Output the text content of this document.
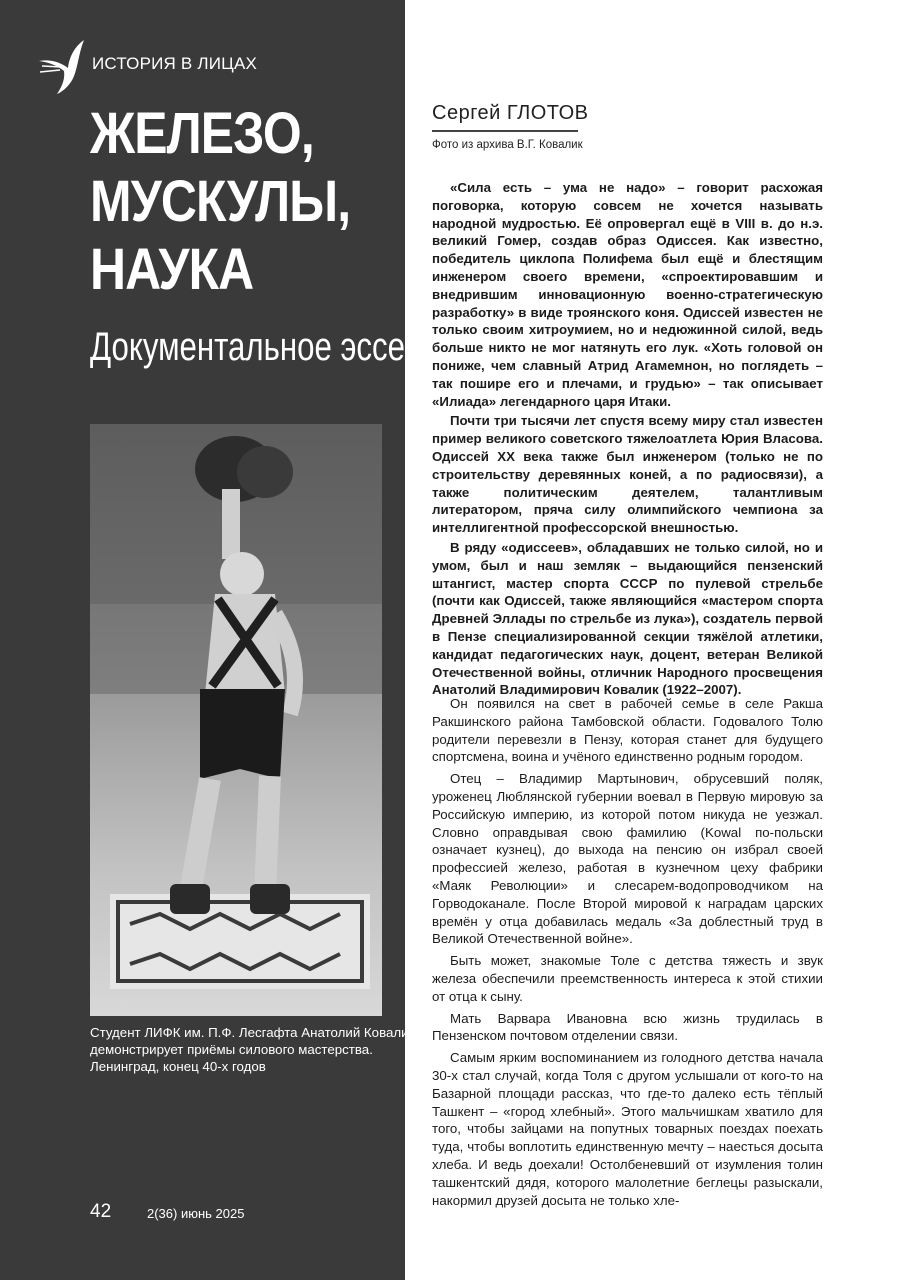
ИСТОРИЯ В ЛИЦАХ
ЖЕЛЕЗО,
МУСКУЛЫ,
НАУКА
Документальное эссе

Студент ЛИФК им. П.Ф. Лесгафта Анатолий Ковалик
демонстрирует приёмы силового мастерства.
Ленинград, конец 40-х годов

42	2(36) июнь 2025
Сергей ГЛОТОВ
Фото из архива В.Г. Ковалик

«Сила есть – ума не надо» – говорит расхожая поговорка, которую совсем не хочется называть народной мудростью. Её опровергал ещё в VIII в. до н.э. великий Гомер, создав образ Одиссея. Как известно, победитель циклопа Полифема был ещё и блестящим инженером своего времени, «спроектировавшим и внедрившим инновационную военно-стратегическую разработку» в виде троянского коня. Одиссей известен не только своим хитроумием, но и недюжинной силой, ведь больше никто не мог натянуть его лук. «Хоть головой он пониже, чем славный Атрид Агамемнон, но поглядеть – так пошире его и плечами, и грудью» – так описывает «Илиада» легендарного царя Итаки.

Почти три тысячи лет спустя всему миру стал известен пример великого советского тяжелоатлета Юрия Власова. Одиссей XX века также был инженером (только не по строительству деревянных коней, а по радиосвязи), а также политическим деятелем, талантливым литератором, пряча силу олимпийского чемпиона за интеллигентной профессорской внешностью.

В ряду «одиссеев», обладавших не только силой, но и умом, был и наш земляк – выдающийся пензенский штангист, мастер спорта СССР по пулевой стрельбе (почти как Одиссей, также являющийся «мастером спорта Древней Эллады по стрельбе из лука»), создатель первой в Пензе специализированной секции тяжёлой атлетики, кандидат педагогических наук, доцент, ветеран Великой Отечественной войны, отличник Народного просвещения Анатолий Владимирович Ковалик (1922–2007).

Он появился на свет в рабочей семье в селе Ракша Ракшинского района Тамбовской области. Годовалого Толю родители перевезли в Пензу, которая станет для будущего спортсмена, воина и учёного единственно родным городом.

Отец – Владимир Мартынович, обрусевший поляк, уроженец Люблянской губернии воевал в Первую мировую за Российскую империю, из которой потом никуда не уезжал. Словно оправдывая свою фамилию (Kowal по-польски означает кузнец), до выхода на пенсию он избрал своей профессией железо, работая в кузнечном цеху фабрики «Маяк Революции» и слесарем-водопроводчиком на Горводоканале. После Второй мировой к наградам царских времён у отца добавилась медаль «За доблестный труд в Великой Отечественной войне».

Быть может, знакомые Толе с детства тяжесть и звук железа обеспечили преемственность интереса к этой стихии от отца к сыну.

Мать Варвара Ивановна всю жизнь трудилась в Пензенском почтовом отделении связи.

Самым ярким воспоминанием из голодного детства начала 30-х стал случай, когда Толя с другом услышали от кого-то на Базарной площади рассказ, что где-то далеко есть тёплый Ташкент – «город хлебный». Этого мальчишкам хватило для того, чтобы зайцами на попутных товарных поездах поехать туда, чтобы воплотить единственную мечту – наесться досыта хлеба. И ведь доехали! Остолбеневший от изумления толин ташкентский дядя, которого малолетние беглецы разыскали, накормил друзей досыта не только хле-
